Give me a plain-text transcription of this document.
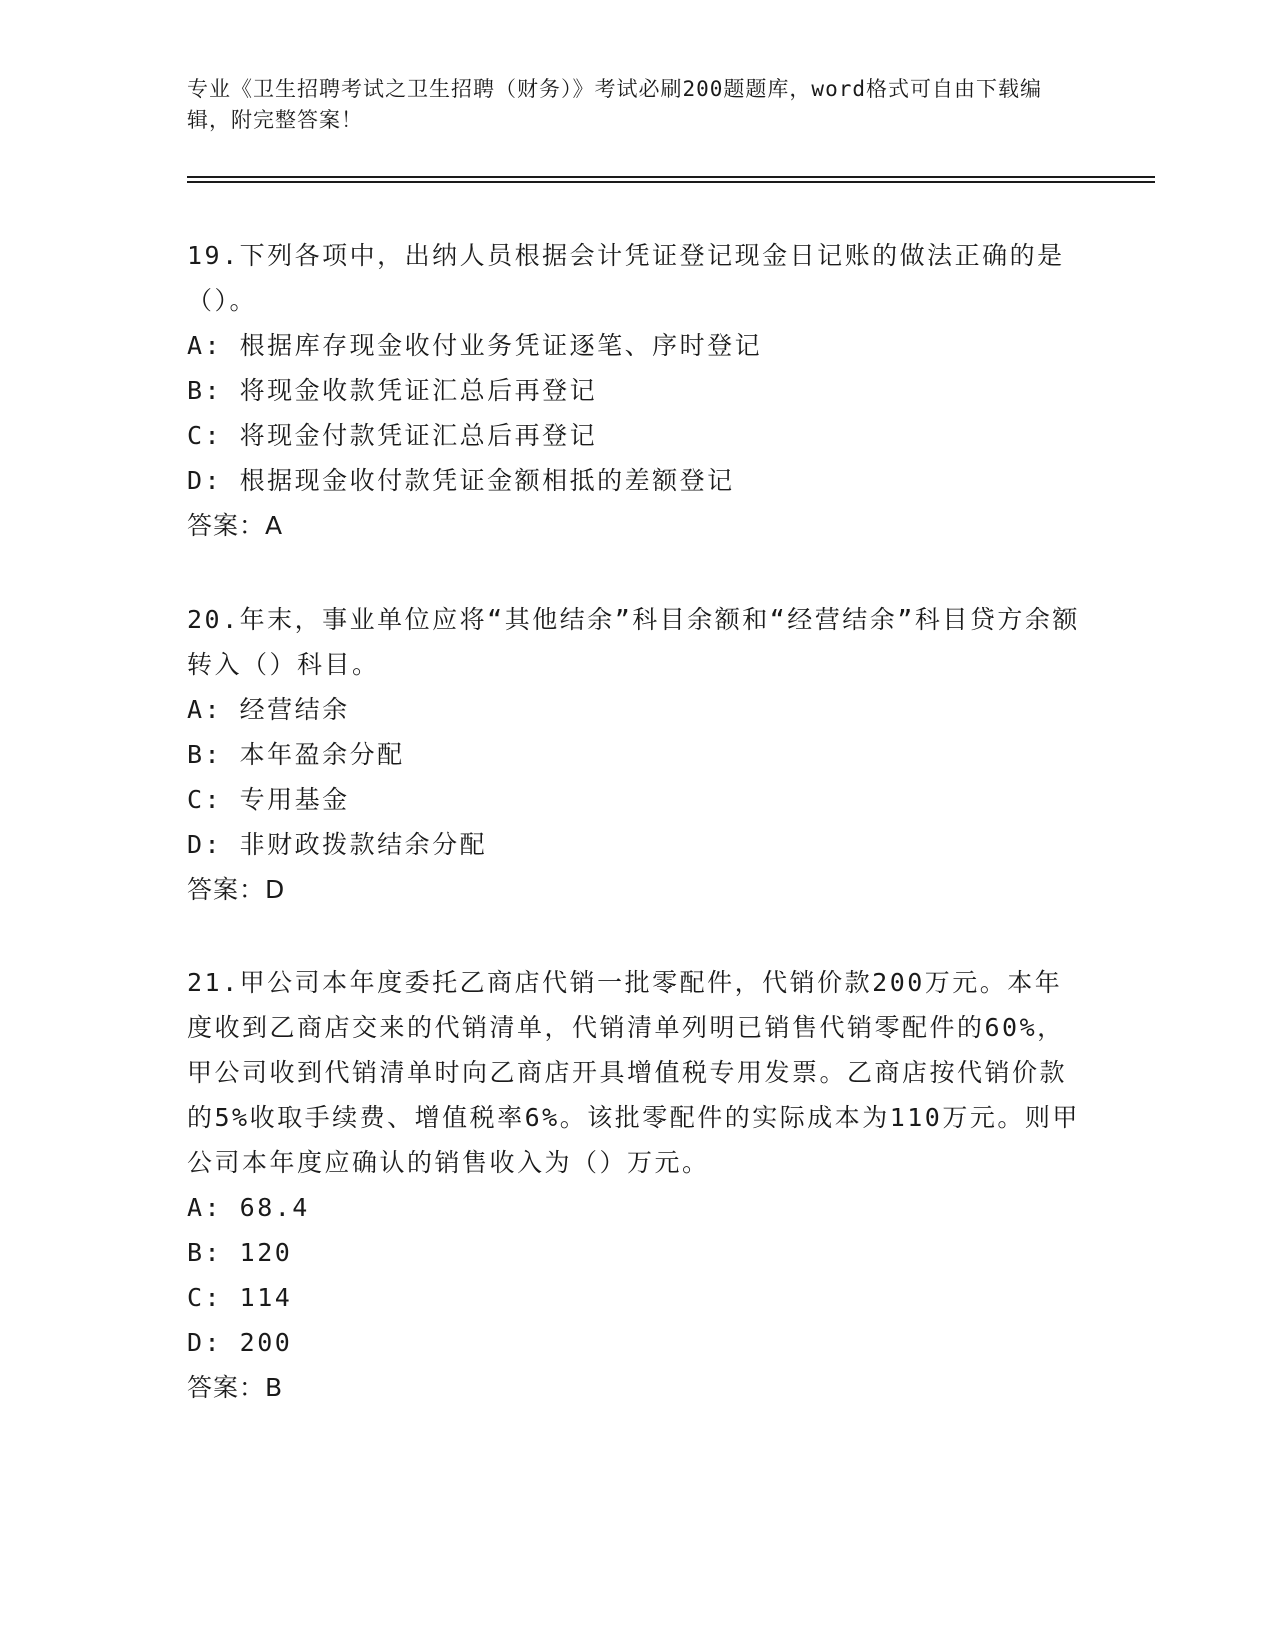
专业《卫生招聘考试之卫生招聘（财务）》考试必刷200题题库，word格式可自由下载编辑，附完整答案！

19.下列各项中，出纳人员根据会计凭证登记现金日记账的做法正确的是（）。

A: 根据库存现金收付业务凭证逐笔、序时登记

B: 将现金收款凭证汇总后再登记

C: 将现金付款凭证汇总后再登记

D: 根据现金收付款凭证金额相抵的差额登记

答案：A

20.年末，事业单位应将“其他结余”科目余额和“经营结余”科目贷方余额转入（）科目。

A: 经营结余

B: 本年盈余分配

C: 专用基金

D: 非财政拨款结余分配

答案：D

21.甲公司本年度委托乙商店代销一批零配件，代销价款200万元。本年度收到乙商店交来的代销清单，代销清单列明已销售代销零配件的60%，甲公司收到代销清单时向乙商店开具增值税专用发票。乙商店按代销价款的5%收取手续费、增值税率6%。该批零配件的实际成本为110万元。则甲公司本年度应确认的销售收入为（）万元。

A: 68.4

B: 120

C: 114

D: 200

答案：B
